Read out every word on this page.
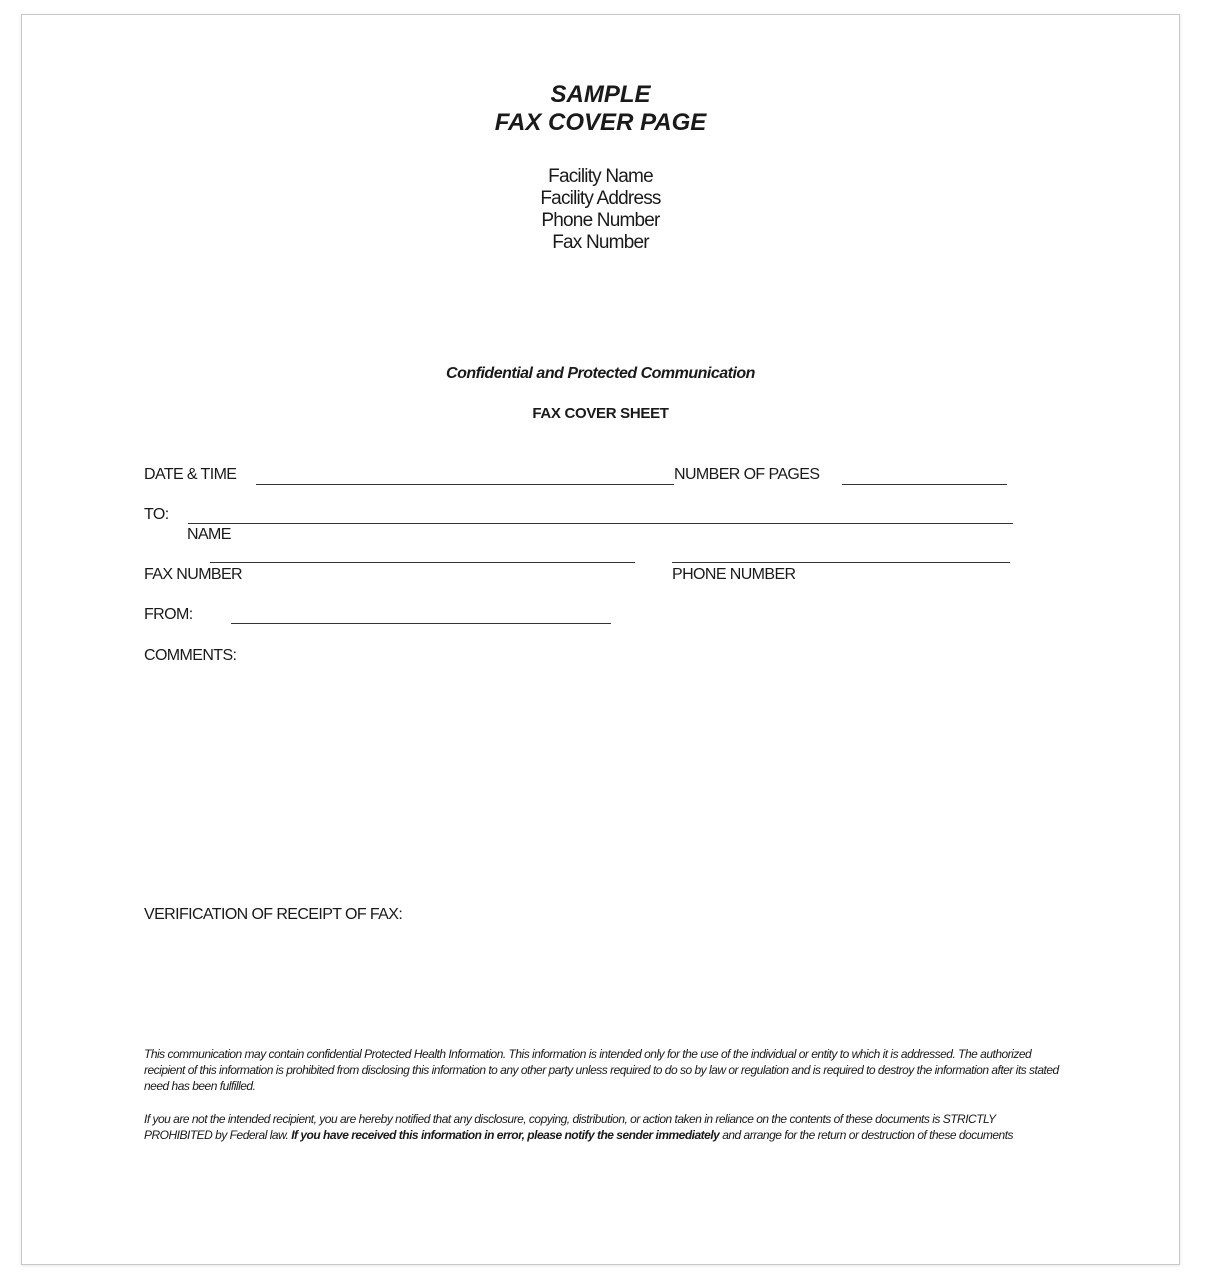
SAMPLE
FAX COVER PAGE
Facility Name
Facility Address
Phone Number
Fax Number
Confidential and Protected Communication
FAX COVER SHEET
DATE & TIME	NUMBER OF PAGES
TO:
NAME
FAX NUMBER	PHONE NUMBER
FROM:
COMMENTS:
VERIFICATION OF RECEIPT OF FAX:
This communication may contain confidential Protected Health Information. This information is intended only for the use of the individual or entity to which it is addressed. The authorized recipient of this information is prohibited from disclosing this information to any other party unless required to do so by law or regulation and is required to destroy the information after its stated need has been fulfilled.
If you are not the intended recipient, you are hereby notified that any disclosure, copying, distribution, or action taken in reliance on the contents of these documents is STRICTLY PROHIBITED by Federal law. If you have received this information in error, please notify the sender immediately and arrange for the return or destruction of these documents
